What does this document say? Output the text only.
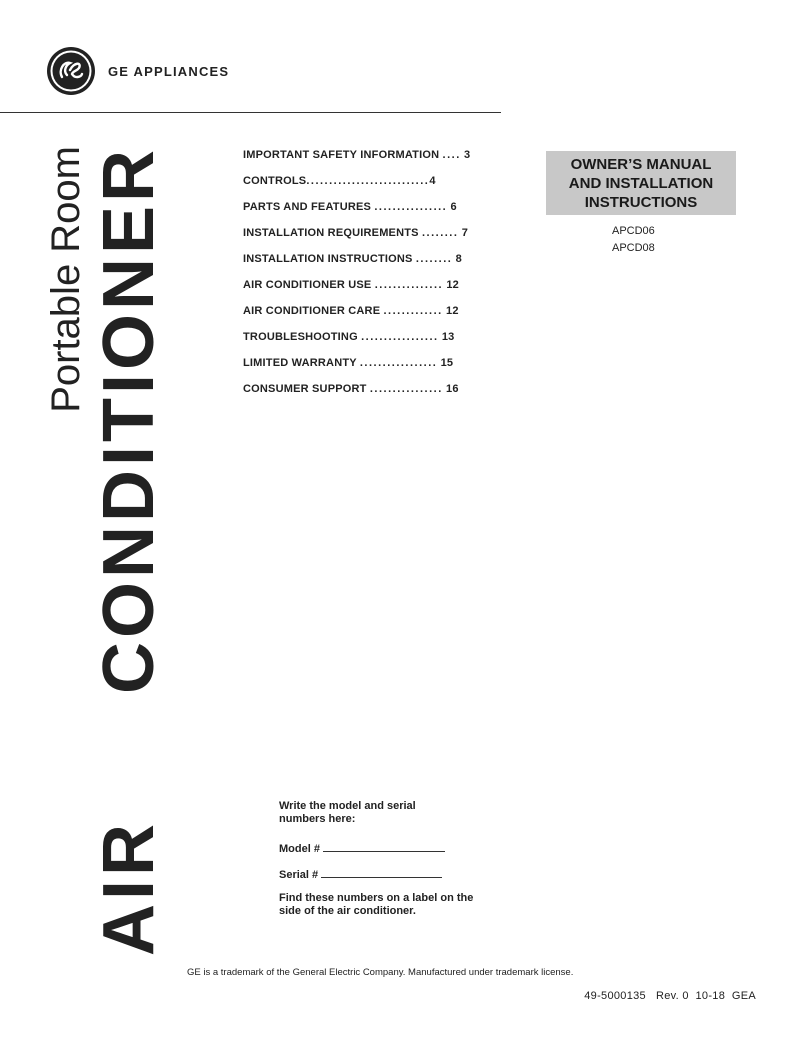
GE APPLIANCES
Portable Room AIR CONDITIONER	IMPORTANT SAFETY INFORMATION .... 3
CONTROLS...........................4
PARTS AND FEATURES ................ 6
INSTALLATION REQUIREMENTS ........ 7
INSTALLATION INSTRUCTIONS ........ 8
AIR CONDITIONER USE ............... 12
AIR CONDITIONER CARE ............. 12
TROUBLESHOOTING ................. 13
LIMITED WARRANTY ................. 15
CONSUMER SUPPORT ................ 16
OWNER’S MANUAL
AND INSTALLATION
INSTRUCTIONS
APCD06
APCD08

Write the model and serial numbers here:

Model #

Serial #

Find these numbers on a label on the side of the air conditioner.

GE is a trademark of the General Electric Company. Manufactured under trademark license.
49-5000135   Rev. 0  10-18  GEA
